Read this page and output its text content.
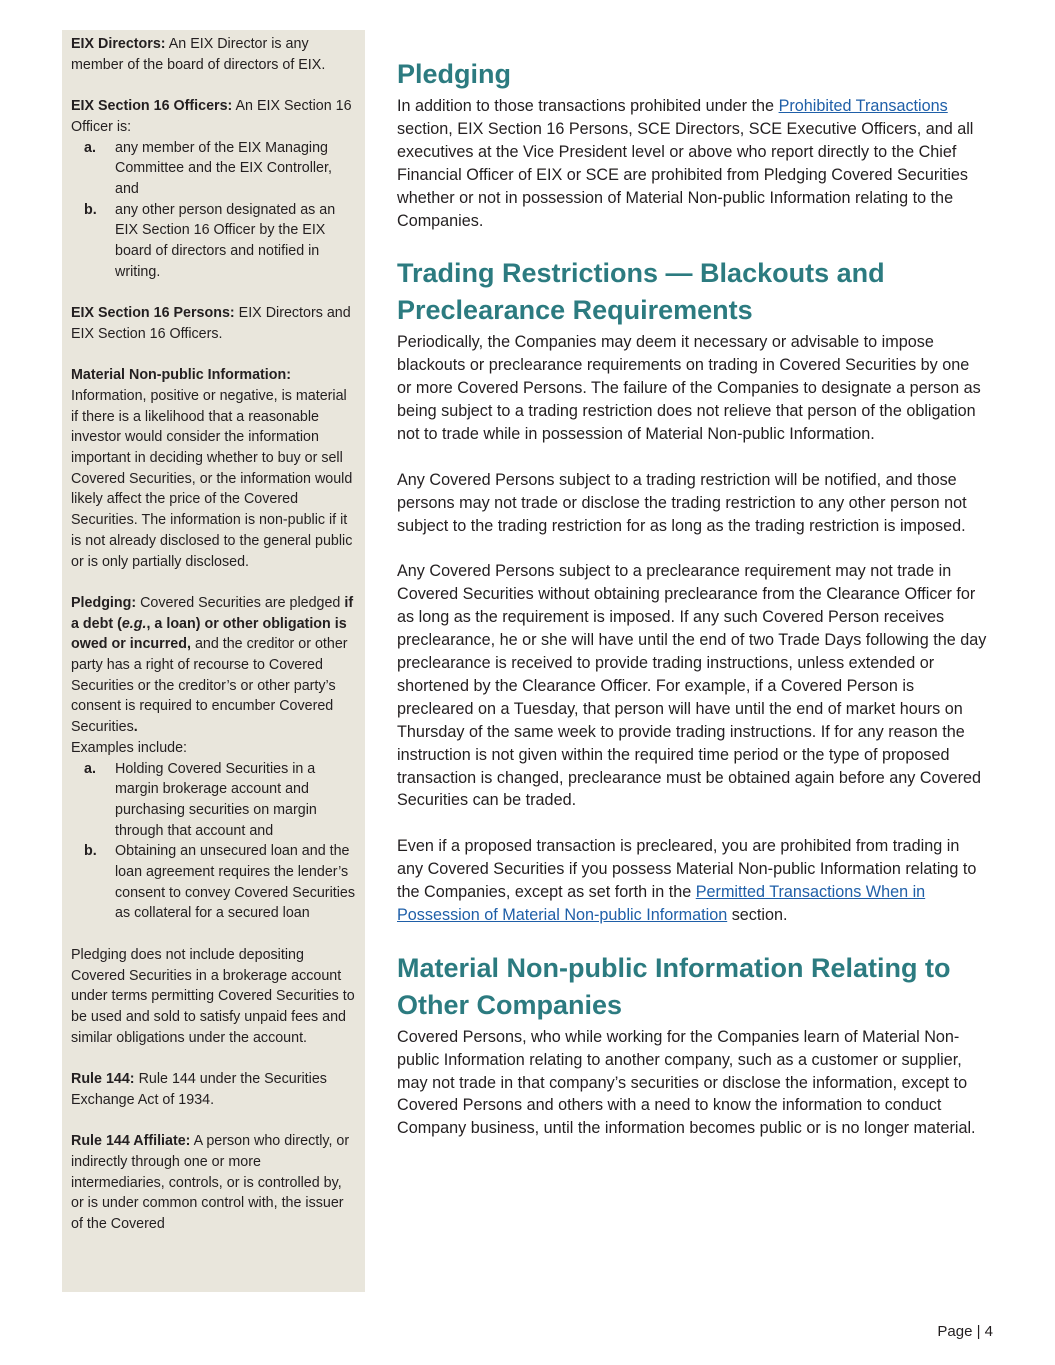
EIX Directors: An EIX Director is any member of the board of directors of EIX.

EIX Section 16 Officers: An EIX Section 16 Officer is:

a. any member of the EIX Managing Committee and the EIX Controller, and
b. any other person designated as an EIX Section 16 Officer by the EIX board of directors and notified in writing.

EIX Section 16 Persons: EIX Directors and EIX Section 16 Officers.

Material Non-public Information:
Information, positive or negative, is material if there is a likelihood that a reasonable investor would consider the information important in deciding whether to buy or sell Covered Securities, or the information would likely affect the price of the Covered Securities. The information is non-public if it is not already disclosed to the general public or is only partially disclosed.

Pledging: Covered Securities are pledged if a debt (e.g., a loan) or other obligation is owed or incurred, and the creditor or other party has a right of recourse to Covered Securities or the creditor’s or other party’s consent is required to encumber Covered Securities.
Examples include:

a. Holding Covered Securities in a margin brokerage account and purchasing securities on margin through that account and
b. Obtaining an unsecured loan and the loan agreement requires the lender’s consent to convey Covered Securities as collateral for a secured loan

Pledging does not include depositing Covered Securities in a brokerage account under terms permitting Covered Securities to be used and sold to satisfy unpaid fees and similar obligations under the account.

Rule 144: Rule 144 under the Securities Exchange Act of 1934.

Rule 144 Affiliate: A person who directly, or indirectly through one or more intermediaries, controls, or is controlled by, or is under common control with, the issuer of the Covered

Pledging

In addition to those transactions prohibited under the Prohibited Transactions section, EIX Section 16 Persons, SCE Directors, SCE Executive Officers, and all executives at the Vice President level or above who report directly to the Chief Financial Officer of EIX or SCE are prohibited from Pledging Covered Securities whether or not in possession of Material Non-public Information relating to the Companies.

Trading Restrictions — Blackouts and
Preclearance Requirements

Periodically, the Companies may deem it necessary or advisable to impose blackouts or preclearance requirements on trading in Covered Securities by one or more Covered Persons. The failure of the Companies to designate a person as being subject to a trading restriction does not relieve that person of the obligation not to trade while in possession of Material Non-public Information.

Any Covered Persons subject to a trading restriction will be notified, and those persons may not trade or disclose the trading restriction to any other person not subject to the trading restriction for as long as the trading restriction is imposed.

Any Covered Persons subject to a preclearance requirement may not trade in Covered Securities without obtaining preclearance from the Clearance Officer for as long as the requirement is imposed. If any such Covered Person receives preclearance, he or she will have until the end of two Trade Days following the day preclearance is received to provide trading instructions, unless extended or shortened by the Clearance Officer. For example, if a Covered Person is precleared on a Tuesday, that person will have until the end of market hours on Thursday of the same week to provide trading instructions. If for any reason the instruction is not given within the required time period or the type of proposed transaction is changed, preclearance must be obtained again before any Covered Securities can be traded.

Even if a proposed transaction is precleared, you are prohibited from trading in any Covered Securities if you possess Material Non-public Information relating to the Companies, except as set forth in the Permitted Transactions When in Possession of Material Non-public Information section.

Material Non-public Information Relating to
Other Companies

Covered Persons, who while working for the Companies learn of Material Non-public Information relating to another company, such as a customer or supplier, may not trade in that company’s securities or disclose the information, except to Covered Persons and others with a need to know the information to conduct Company business, until the information becomes public or is no longer material.

Page | 4
